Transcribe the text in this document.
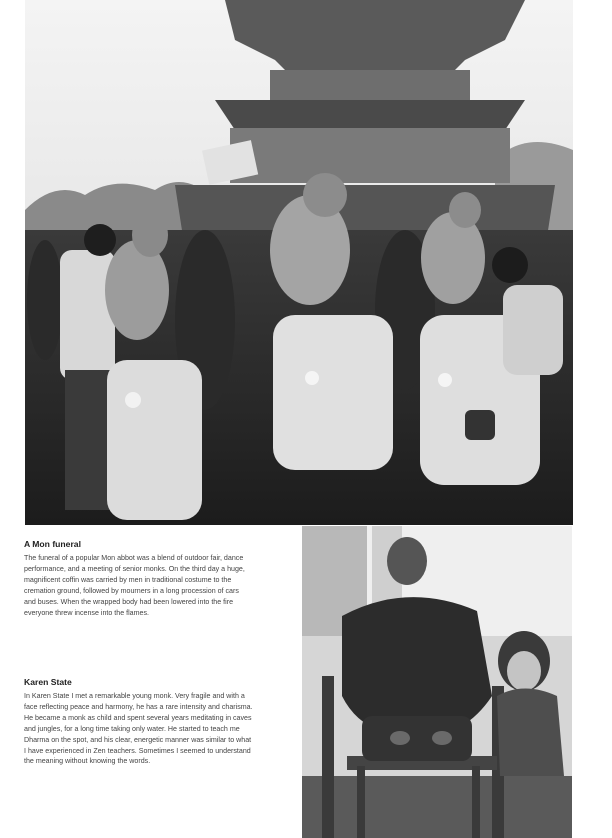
A Mon funeral

The funeral of a popular Mon abbot was a blend of outdoor fair, dance
performance, and a meeting of senior monks. On the third day a huge,
magnificent coffin was carried by men in traditional costume to the
cremation ground, followed by mourners in a long procession of cars
and buses. When the wrapped body had been lowered into the fire
everyone threw incense into the flames.

Karen State

In Karen State I met a remarkable young monk. Very fragile and with a
face reflecting peace and harmony, he has a rare intensity and charisma.
He became a monk as child and spent several years meditating in caves
and jungles, for a long time taking only water. He started to teach me
Dharma on the spot, and his clear, energetic manner was similar to what
I have experienced in Zen teachers. Sometimes I seemed to understand
the meaning without knowing the words.
